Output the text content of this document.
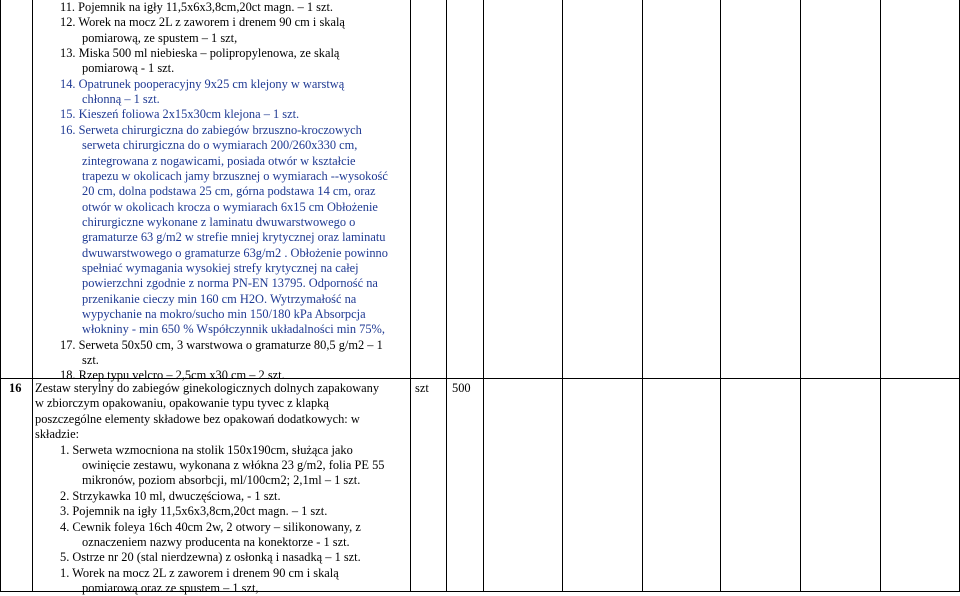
11. Pojemnik na igły 11,5x6x3,8cm,20ct magn. – 1 szt.
12. Worek na mocz 2L z zaworem i drenem 90 cm i skalą
pomiarową, ze spustem – 1 szt,
13. Miska 500 ml niebieska – polipropylenowa, ze skalą
pomiarową - 1 szt.
14. Opatrunek pooperacyjny 9x25 cm klejony w warstwą
chłonną – 1 szt.
15. Kieszeń foliowa 2x15x30cm klejona – 1 szt.
16. Serweta chirurgiczna do zabiegów brzuszno-kroczowych
serweta chirurgiczna do o wymiarach 200/260x330 cm,
zintegrowana z nogawicami, posiada otwór w kształcie
trapezu w okolicach jamy brzusznej o wymiarach --wysokość
20 cm, dolna podstawa 25 cm, górna podstawa 14 cm, oraz
otwór w okolicach krocza o wymiarach 6x15 cm Obłożenie
chirurgiczne wykonane z laminatu dwuwarstwowego o
gramaturze 63 g/m2 w strefie mniej krytycznej oraz laminatu
dwuwarstwowego o gramaturze 63g/m2 . Obłożenie powinno
spełniać wymagania wysokiej strefy krytycznej na całej
powierzchni zgodnie z norma PN-EN 13795. Odporność na
przenikanie cieczy min 160 cm H2O. Wytrzymałość na
wypychanie na mokro/sucho min 150/180 kPa Absorpcja
włokniny - min 650 % Współczynnik układalności min 75%,
17. Serweta 50x50 cm, 3 warstwowa o gramaturze 80,5 g/m2 – 1
szt.
18. Rzep typu velcro – 2,5cm x30 cm – 2 szt.
16	szt 500
Zestaw sterylny do zabiegów ginekologicznych dolnych zapakowany
w zbiorczym opakowaniu, opakowanie typu tyvec z klapką
poszczególne elementy składowe bez opakowań dodatkowych: w
składzie:
1. Serweta wzmocniona na stolik 150x190cm, służąca jako
owinięcie zestawu, wykonana z włókna 23 g/m2, folia PE 55
mikronów, poziom absorbcji, ml/100cm2; 2,1ml – 1 szt.
2. Strzykawka 10 ml, dwuczęściowa, - 1 szt.
3. Pojemnik na igły 11,5x6x3,8cm,20ct magn. – 1 szt.
4. Cewnik foleya 16ch 40cm 2w, 2 otwory – silikonowany, z
oznaczeniem nazwy producenta na konektorze - 1 szt.
5. Ostrze nr 20 (stal nierdzewna) z osłonką i nasadką – 1 szt.
1. Worek na mocz 2L z zaworem i drenem 90 cm i skalą
pomiarową oraz ze spustem – 1 szt,
